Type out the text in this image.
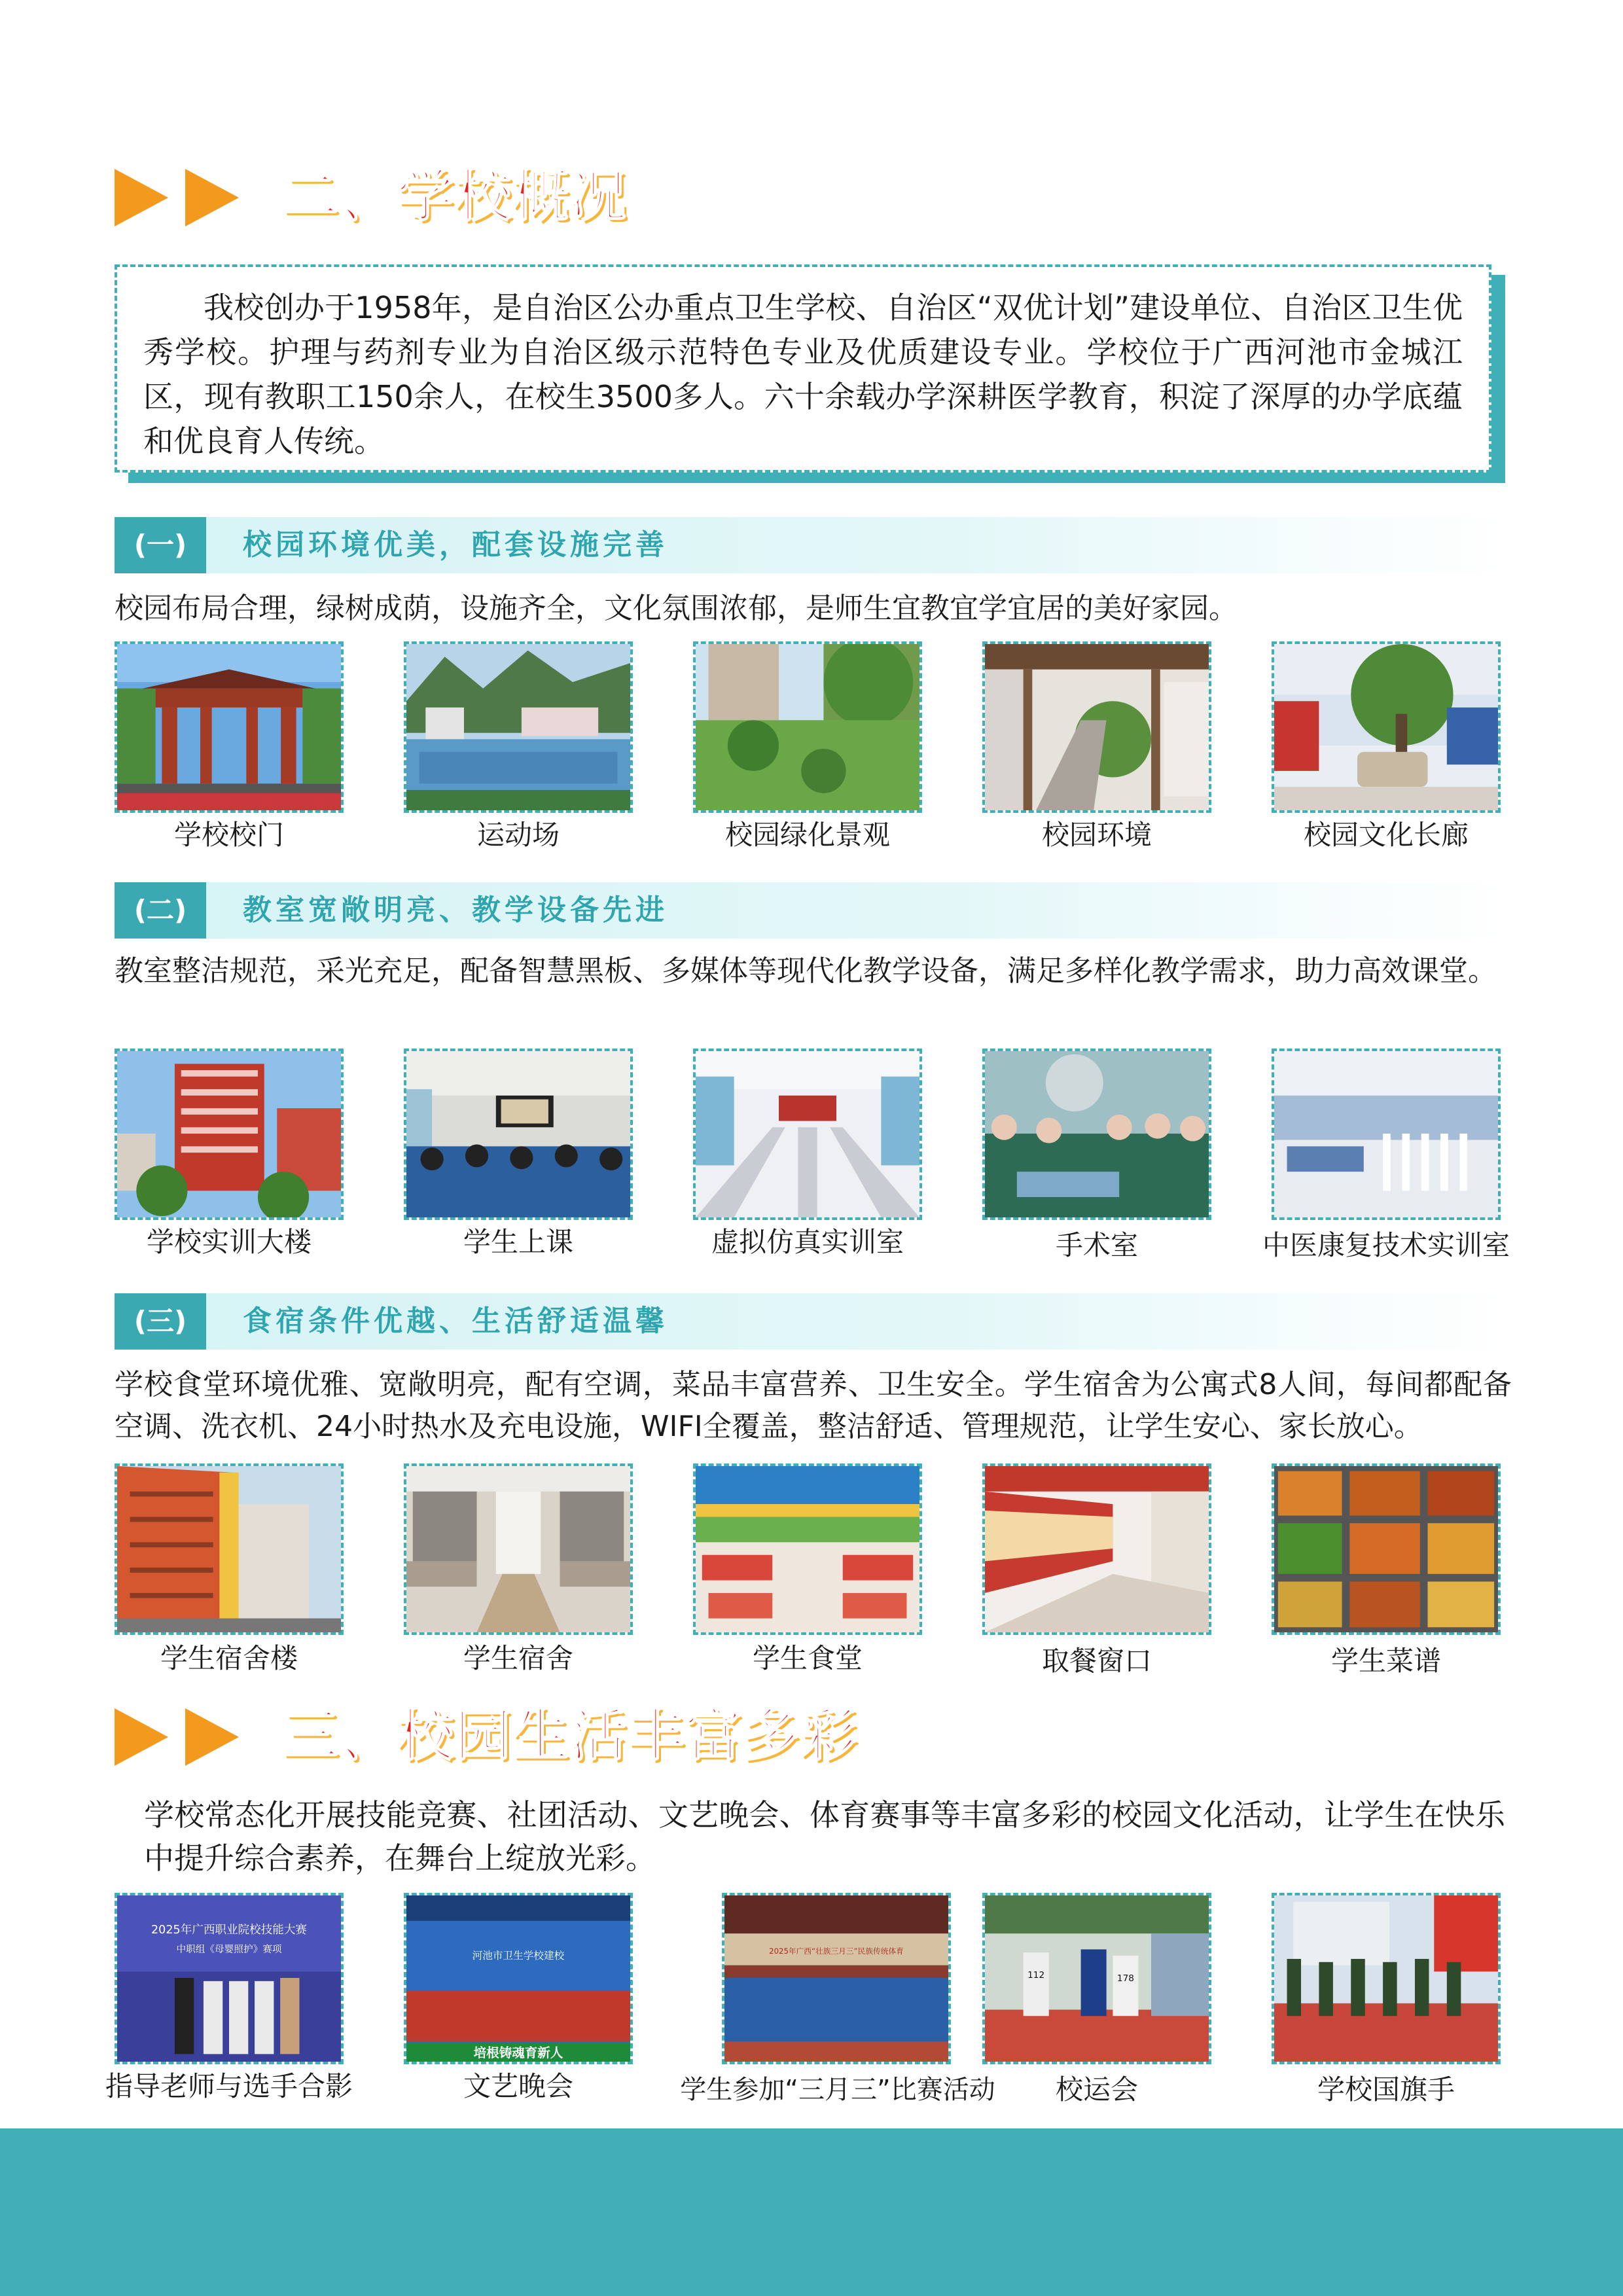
二、学校概况
我校创办于1958年，是自治区公办重点卫生学校、自治区“双优计划”建设单位、自治区卫生优秀学校。护理与药剂专业为自治区级示范特色专业及优质建设专业。学校位于广西河池市金城江区，现有教职工150余人，在校生3500多人。六十余载办学深耕医学教育，积淀了深厚的办学底蕴和优良育人传统。
(一)	校园环境优美，配套设施完善
校园布局合理，绿树成荫，设施齐全，文化氛围浓郁，是师生宜教宜学宜居的美好家园。
学校校门	运动场	校园绿化景观	校园环境	校园文化长廊
(二)	教室宽敞明亮、教学设备先进
教室整洁规范，采光充足，配备智慧黑板、多媒体等现代化教学设备，满足多样化教学需求，助力高效课堂。
学校实训大楼	学生上课	虚拟仿真实训室	手术室	中医康复技术实训室
(三)	食宿条件优越、生活舒适温馨
学校食堂环境优雅、宽敞明亮，配有空调，菜品丰富营养、卫生安全。学生宿舍为公寓式8人间，每间都配备空调、洗衣机、24小时热水及充电设施，WIFI全覆盖，整洁舒适、管理规范，让学生安心、家长放心。
学生宿舍楼	学生宿舍	学生食堂	取餐窗口	学生菜谱
三、校园生活丰富多彩
学校常态化开展技能竞赛、社团活动、文艺晚会、体育赛事等丰富多彩的校园文化活动，让学生在快乐中提升综合素养，在舞台上绽放光彩。
2025年广西职业院校技能大赛
中职组《母婴照护》赛项
河池市卫生学校建校
培根铸魂育新人
2025年广西“壮族三月三”民族传统体育
112	178
指导老师与选手合影	文艺晚会	学生参加“三月三”比赛活动	校运会	学校国旗手
